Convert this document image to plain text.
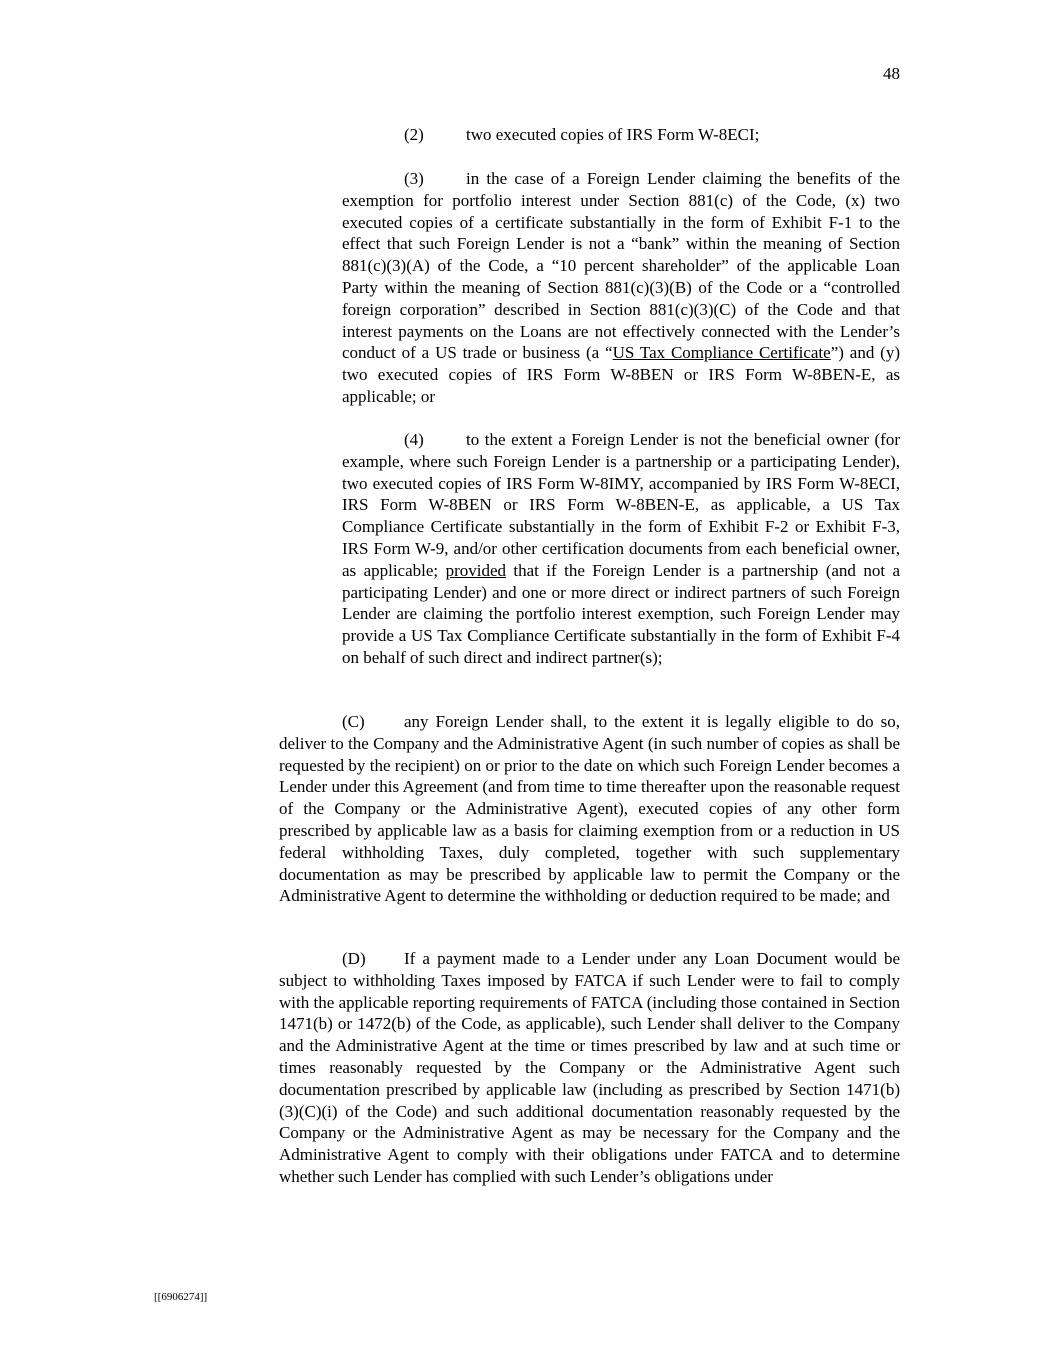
48

(2) two executed copies of IRS Form W-8ECI;

(3) in the case of a Foreign Lender claiming the benefits of the exemption for portfolio interest under Section 881(c) of the Code, (x) two executed copies of a certificate substantially in the form of Exhibit F-1 to the effect that such Foreign Lender is not a “bank” within the meaning of Section 881(c)(3)(A) of the Code, a “10 percent shareholder” of the applicable Loan Party within the meaning of Section 881(c)(3)(B) of the Code or a “controlled foreign corporation” described in Section 881(c)(3)(C) of the Code and that interest payments on the Loans are not effectively connected with the Lender’s conduct of a US trade or business (a “US Tax Compliance Certificate”) and (y) two executed copies of IRS Form W-8BEN or IRS Form W-8BEN-E, as applicable; or

(4) to the extent a Foreign Lender is not the beneficial owner (for example, where such Foreign Lender is a partnership or a participating Lender), two executed copies of IRS Form W-8IMY, accompanied by IRS Form W-8ECI, IRS Form W-8BEN or IRS Form W-8BEN-E, as applicable, a US Tax Compliance Certificate substantially in the form of Exhibit F-2 or Exhibit F-3, IRS Form W-9, and/or other certification documents from each beneficial owner, as applicable; provided that if the Foreign Lender is a partnership (and not a participating Lender) and one or more direct or indirect partners of such Foreign Lender are claiming the portfolio interest exemption, such Foreign Lender may provide a US Tax Compliance Certificate substantially in the form of Exhibit F-4 on behalf of such direct and indirect partner(s);

(C) any Foreign Lender shall, to the extent it is legally eligible to do so, deliver to the Company and the Administrative Agent (in such number of copies as shall be requested by the recipient) on or prior to the date on which such Foreign Lender becomes a Lender under this Agreement (and from time to time thereafter upon the reasonable request of the Company or the Administrative Agent), executed copies of any other form prescribed by applicable law as a basis for claiming exemption from or a reduction in US federal withholding Taxes, duly completed, together with such supplementary documentation as may be prescribed by applicable law to permit the Company or the Administrative Agent to determine the withholding or deduction required to be made; and

(D) If a payment made to a Lender under any Loan Document would be subject to withholding Taxes imposed by FATCA if such Lender were to fail to comply with the applicable reporting requirements of FATCA (including those contained in Section 1471(b) or 1472(b) of the Code, as applicable), such Lender shall deliver to the Company and the Administrative Agent at the time or times prescribed by law and at such time or times reasonably requested by the Company or the Administrative Agent such documentation prescribed by applicable law (including as prescribed by Section 1471(b)(3)(C)(i) of the Code) and such additional documentation reasonably requested by the Company or the Administrative Agent as may be necessary for the Company and the Administrative Agent to comply with their obligations under FATCA and to determine whether such Lender has complied with such Lender’s obligations under

[[6906274]]
